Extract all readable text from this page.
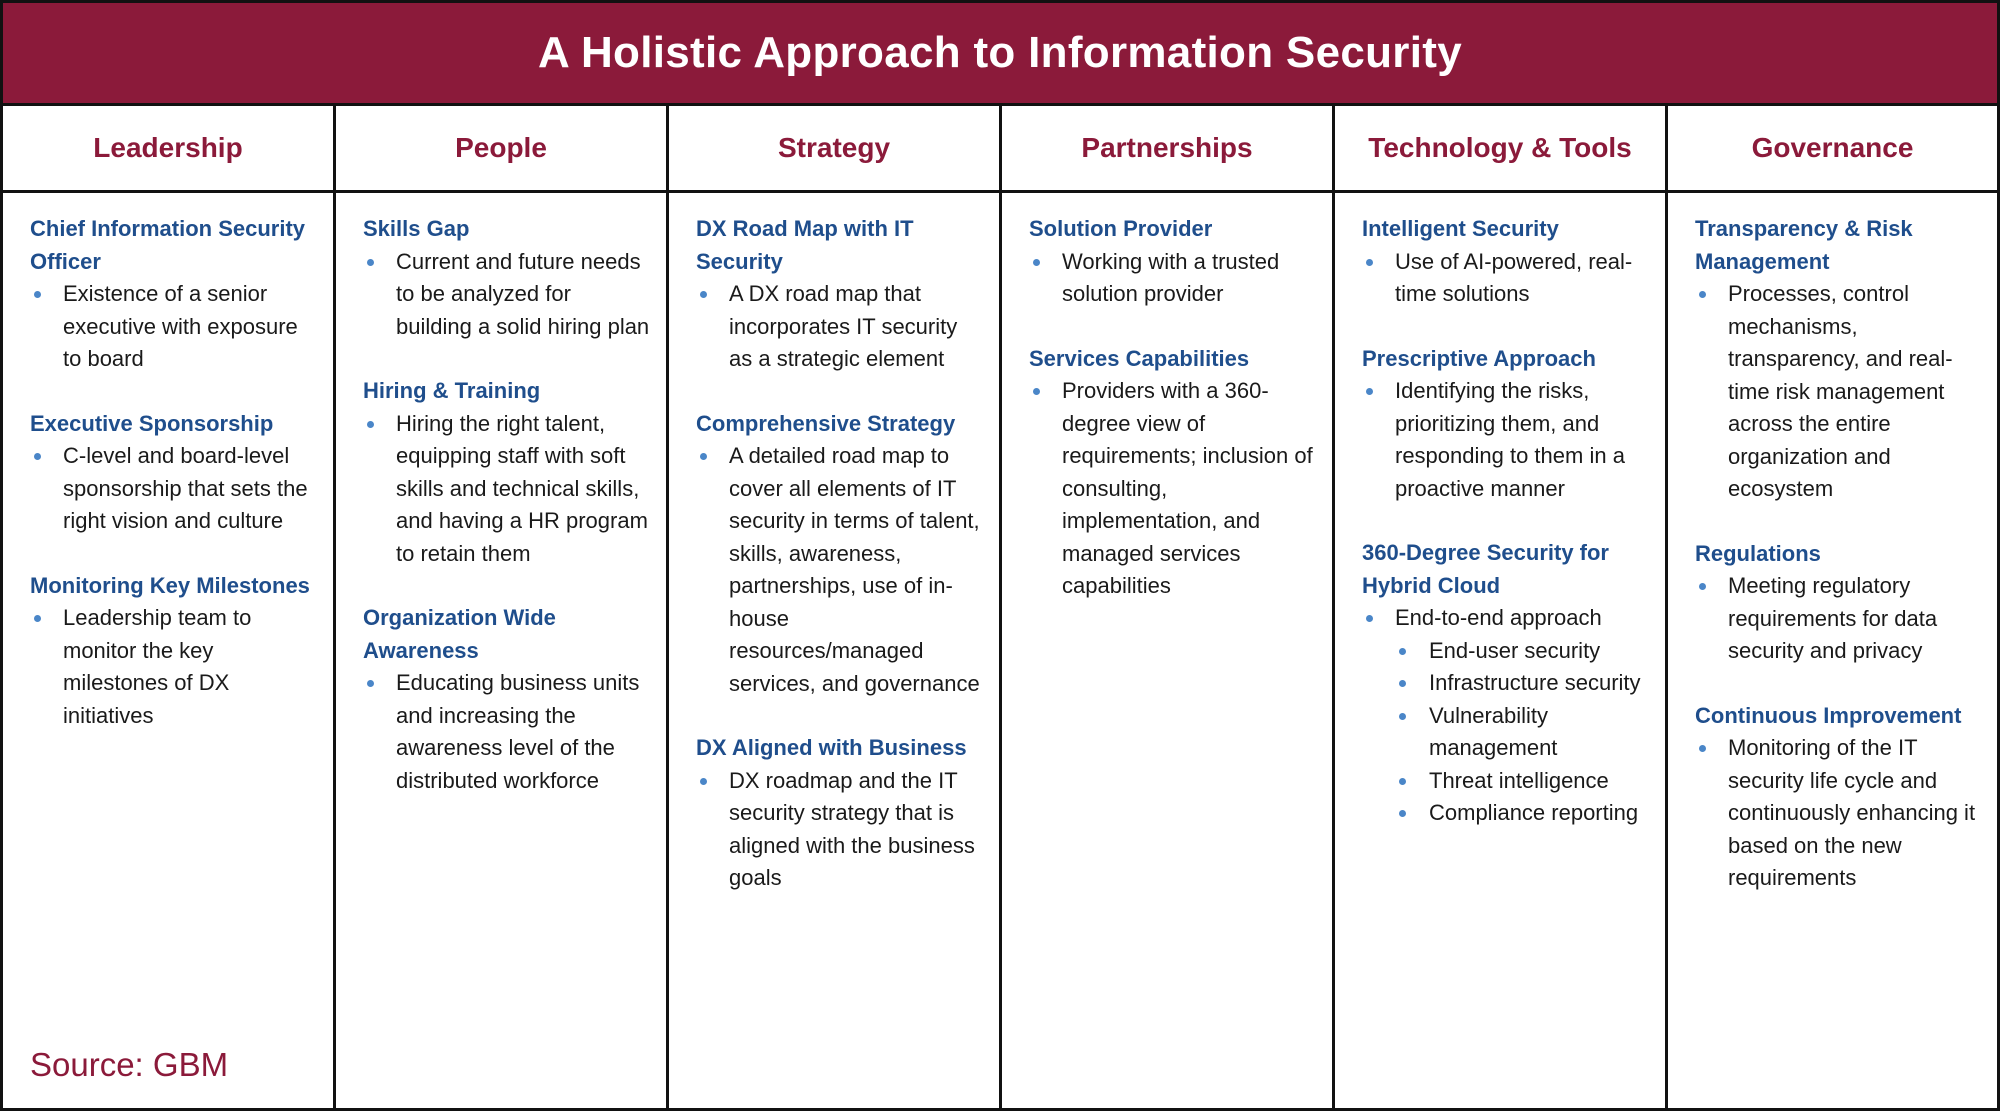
A Holistic Approach to Information Security
Leadership
Chief Information Security Officer
Existence of a senior executive with exposure to board
Executive Sponsorship
C-level and board-level sponsorship that sets the right vision and culture
Monitoring Key Milestones
Leadership team to monitor the key milestones of DX initiatives
Source: GBM
People
Skills Gap
Current and future needs to be analyzed for building a solid hiring plan
Hiring & Training
Hiring the right talent, equipping staff with soft skills and technical skills, and having a HR program to retain them
Organization Wide Awareness
Educating business units and increasing the awareness level of the distributed workforce
Strategy
DX Road Map with IT Security
A DX road map that incorporates IT security as a strategic element
Comprehensive Strategy
A detailed road map to cover all elements of IT security in terms of talent, skills, awareness, partnerships, use of in-house resources/managed services, and governance
DX Aligned with Business
DX roadmap and the IT security strategy that is aligned with the business goals
Partnerships
Solution Provider
Working with a trusted solution provider
Services Capabilities
Providers with a 360-degree view of requirements; inclusion of consulting, implementation, and managed services capabilities
Technology & Tools
Intelligent Security
Use of AI-powered, real-time solutions
Prescriptive Approach
Identifying the risks, prioritizing them, and responding to them in a proactive manner
360-Degree Security for Hybrid Cloud
End-to-end approach
End-user security
Infrastructure security
Vulnerability management
Threat intelligence
Compliance reporting
Governance
Transparency & Risk Management
Processes, control mechanisms, transparency, and real-time risk management across the entire organization and ecosystem
Regulations
Meeting regulatory requirements for data security and privacy
Continuous Improvement
Monitoring of the IT security life cycle and continuously enhancing it based on the new requirements
